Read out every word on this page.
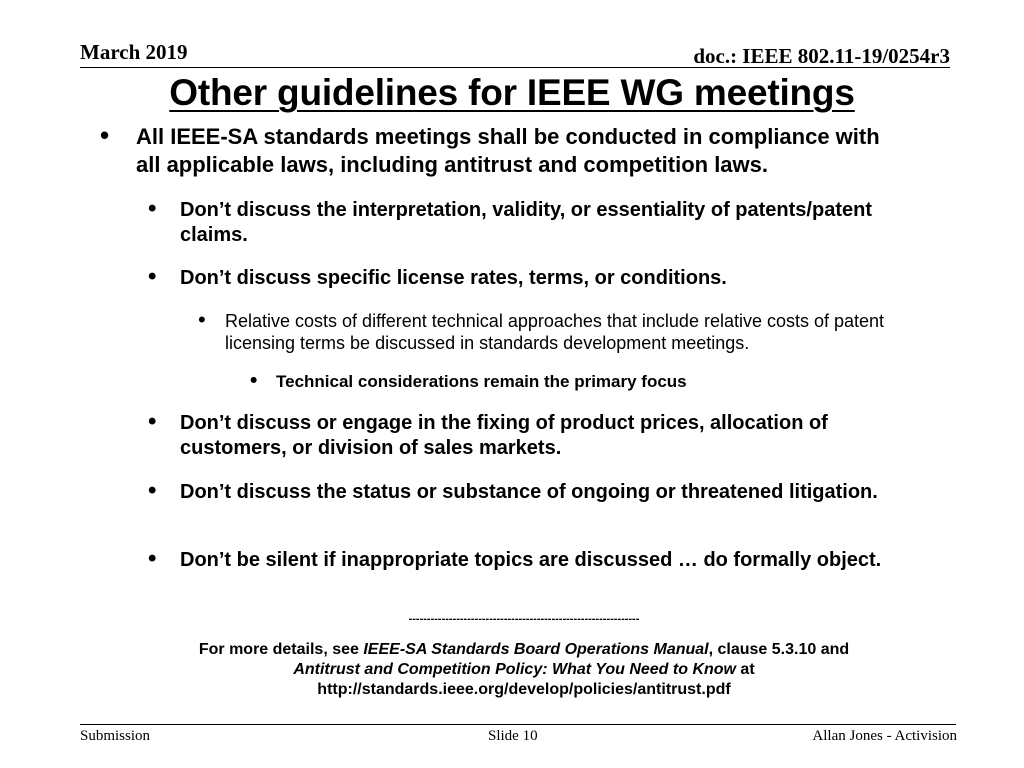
March 2019	doc.: IEEE 802.11-19/0254r3
Other guidelines for IEEE WG meetings
• All IEEE-SA standards meetings shall be conducted in compliance with all applicable laws, including antitrust and competition laws.
• Don’t discuss the interpretation, validity, or essentiality of patents/patent claims.
• Don’t discuss specific license rates, terms, or conditions.
• Relative costs of different technical approaches that include relative costs of patent licensing terms be discussed in standards development meetings.
• Technical considerations remain the primary focus
• Don’t discuss or engage in the fixing of product prices, allocation of customers, or division of sales markets.
• Don’t discuss the status or substance of ongoing or threatened litigation.
• Don’t be silent if inappropriate topics are discussed … do formally object.
---------------------------------------------------------------
For more details, see IEEE-SA Standards Board Operations Manual, clause 5.3.10 and
Antitrust and Competition Policy: What You Need to Know at
http://standards.ieee.org/develop/policies/antitrust.pdf
Submission	Slide 10	Allan Jones - Activision
